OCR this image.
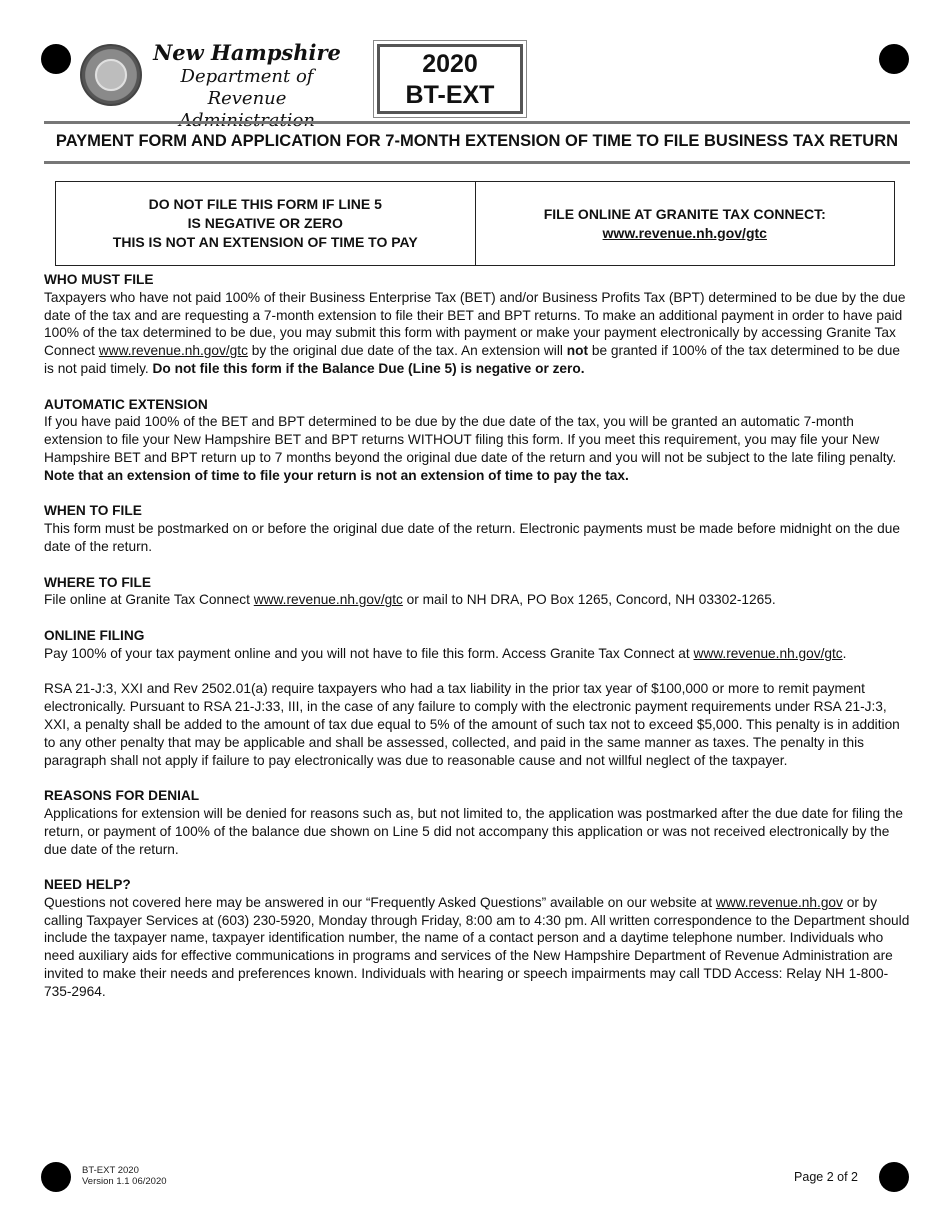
New Hampshire
Department of
Revenue
2020
BT-EXT
PAYMENT FORM AND APPLICATION FOR 7-MONTH EXTENSION OF TIME TO FILE BUSINESS TAX RETURN
DO NOT FILE THIS FORM IF LINE 5
IS NEGATIVE OR ZERO
THIS IS NOT AN EXTENSION OF TIME TO PAY
FILE ONLINE AT GRANITE TAX CONNECT:
www.revenue.nh.gov/gtc
WHO MUST FILE

Taxpayers who have not paid 100% of their Business Enterprise Tax (BET) and/or Business Profits Tax (BPT) determined to be due by the due date of the tax and are requesting a 7-month extension to file their BET and BPT returns. To make an additional payment in order to have paid 100% of the tax determined to be due, you may submit this form with payment or make your payment electronically by accessing Granite Tax Connect www.revenue.nh.gov/gtc by the original due date of the tax. An extension will not be granted if 100% of the tax determined to be due is not paid timely. Do not file this form if the Balance Due (Line 5) is negative or zero.

AUTOMATIC EXTENSION

If you have paid 100% of the BET and BPT determined to be due by the due date of the tax, you will be granted an automatic 7-month extension to file your New Hampshire BET and BPT returns WITHOUT filing this form. If you meet this requirement, you may file your New Hampshire BET and BPT return up to 7 months beyond the original due date of the return and you will not be subject to the late filing penalty. Note that an extension of time to file your return is not an extension of time to pay the tax.

WHEN TO FILE

This form must be postmarked on or before the original due date of the return. Electronic payments must be made before midnight on the due date of the return.

WHERE TO FILE

File online at Granite Tax Connect www.revenue.nh.gov/gtc or mail to NH DRA, PO Box 1265, Concord, NH 03302-1265.

ONLINE FILING

Pay 100% of your tax payment online and you will not have to file this form. Access Granite Tax Connect at www.revenue.nh.gov/gtc.

RSA 21-J:3, XXI and Rev 2502.01(a) require taxpayers who had a tax liability in the prior tax year of $100,000 or more to remit payment electronically. Pursuant to RSA 21-J:33, III, in the case of any failure to comply with the electronic payment requirements under RSA 21-J:3, XXI, a penalty shall be added to the amount of tax due equal to 5% of the amount of such tax not to exceed $5,000. This penalty is in addition to any other penalty that may be applicable and shall be assessed, collected, and paid in the same manner as taxes. The penalty in this paragraph shall not apply if failure to pay electronically was due to reasonable cause and not willful neglect of the taxpayer.

REASONS FOR DENIAL

Applications for extension will be denied for reasons such as, but not limited to, the application was postmarked after the due date for filing the return, or payment of 100% of the balance due shown on Line 5 did not accompany this application or was not received electronically by the due date of the return.

NEED HELP?

Questions not covered here may be answered in our “Frequently Asked Questions” available on our website at www.revenue.nh.gov or by calling Taxpayer Services at (603) 230-5920, Monday through Friday, 8:00 am to 4:30 pm. All written correspondence to the Department should include the taxpayer name, taxpayer identification number, the name of a contact person and a daytime telephone number. Individuals who need auxiliary aids for effective communications in programs and services of the New Hampshire Department of Revenue Administration are invited to make their needs and preferences known. Individuals with hearing or speech impairments may call TDD Access: Relay NH 1-800-735-2964.

BT-EXT 2020
Version 1.1 06/2020	Page 2 of 2
